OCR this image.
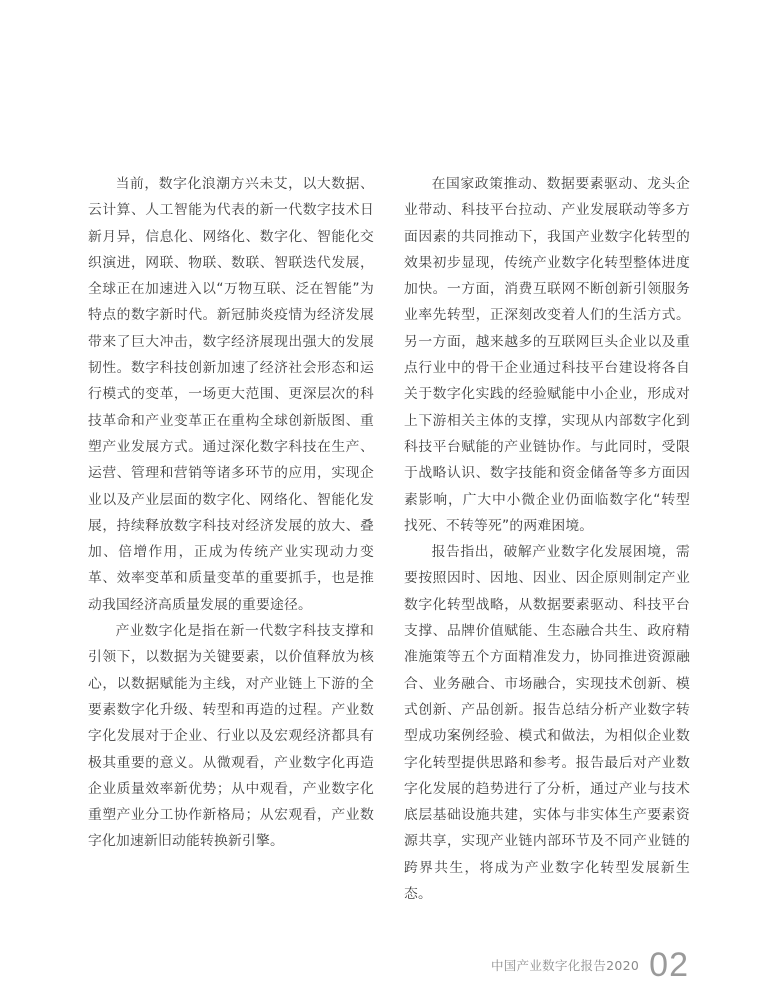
当前，数字化浪潮方兴未艾，以大数据、云计算、人工智能为代表的新一代数字技术日新月异，信息化、网络化、数字化、智能化交织演进，网联、物联、数联、智联迭代发展，全球正在加速进入以“万物互联、泛在智能”为特点的数字新时代。新冠肺炎疫情为经济发展带来了巨大冲击，数字经济展现出强大的发展韧性。数字科技创新加速了经济社会形态和运行模式的变革，一场更大范围、更深层次的科技革命和产业变革正在重构全球创新版图、重塑产业发展方式。通过深化数字科技在生产、运营、管理和营销等诸多环节的应用，实现企业以及产业层面的数字化、网络化、智能化发展，持续释放数字科技对经济发展的放大、叠加、倍增作用，正成为传统产业实现动力变革、效率变革和质量变革的重要抓手，也是推动我国经济高质量发展的重要途径。

产业数字化是指在新一代数字科技支撑和引领下，以数据为关键要素，以价值释放为核心，以数据赋能为主线，对产业链上下游的全要素数字化升级、转型和再造的过程。产业数字化发展对于企业、行业以及宏观经济都具有极其重要的意义。从微观看，产业数字化再造企业质量效率新优势；从中观看，产业数字化重塑产业分工协作新格局；从宏观看，产业数字化加速新旧动能转换新引擎。

在国家政策推动、数据要素驱动、龙头企业带动、科技平台拉动、产业发展联动等多方面因素的共同推动下，我国产业数字化转型的效果初步显现，传统产业数字化转型整体进度加快。一方面，消费互联网不断创新引领服务业率先转型，正深刻改变着人们的生活方式。另一方面，越来越多的互联网巨头企业以及重点行业中的骨干企业通过科技平台建设将各自关于数字化实践的经验赋能中小企业，形成对上下游相关主体的支撑，实现从内部数字化到科技平台赋能的产业链协作。与此同时，受限于战略认识、数字技能和资金储备等多方面因素影响，广大中小微企业仍面临数字化“转型找死、不转等死”的两难困境。

报告指出，破解产业数字化发展困境，需要按照因时、因地、因业、因企原则制定产业数字化转型战略，从数据要素驱动、科技平台支撑、品牌价值赋能、生态融合共生、政府精准施策等五个方面精准发力，协同推进资源融合、业务融合、市场融合，实现技术创新、模式创新、产品创新。报告总结分析产业数字转型成功案例经验、模式和做法，为相似企业数字化转型提供思路和参考。报告最后对产业数字化发展的趋势进行了分析，通过产业与技术底层基础设施共建，实体与非实体生产要素资源共享，实现产业链内部环节及不同产业链的跨界共生，将成为产业数字化转型发展新生态。

中国产业数字化报告2020 02
